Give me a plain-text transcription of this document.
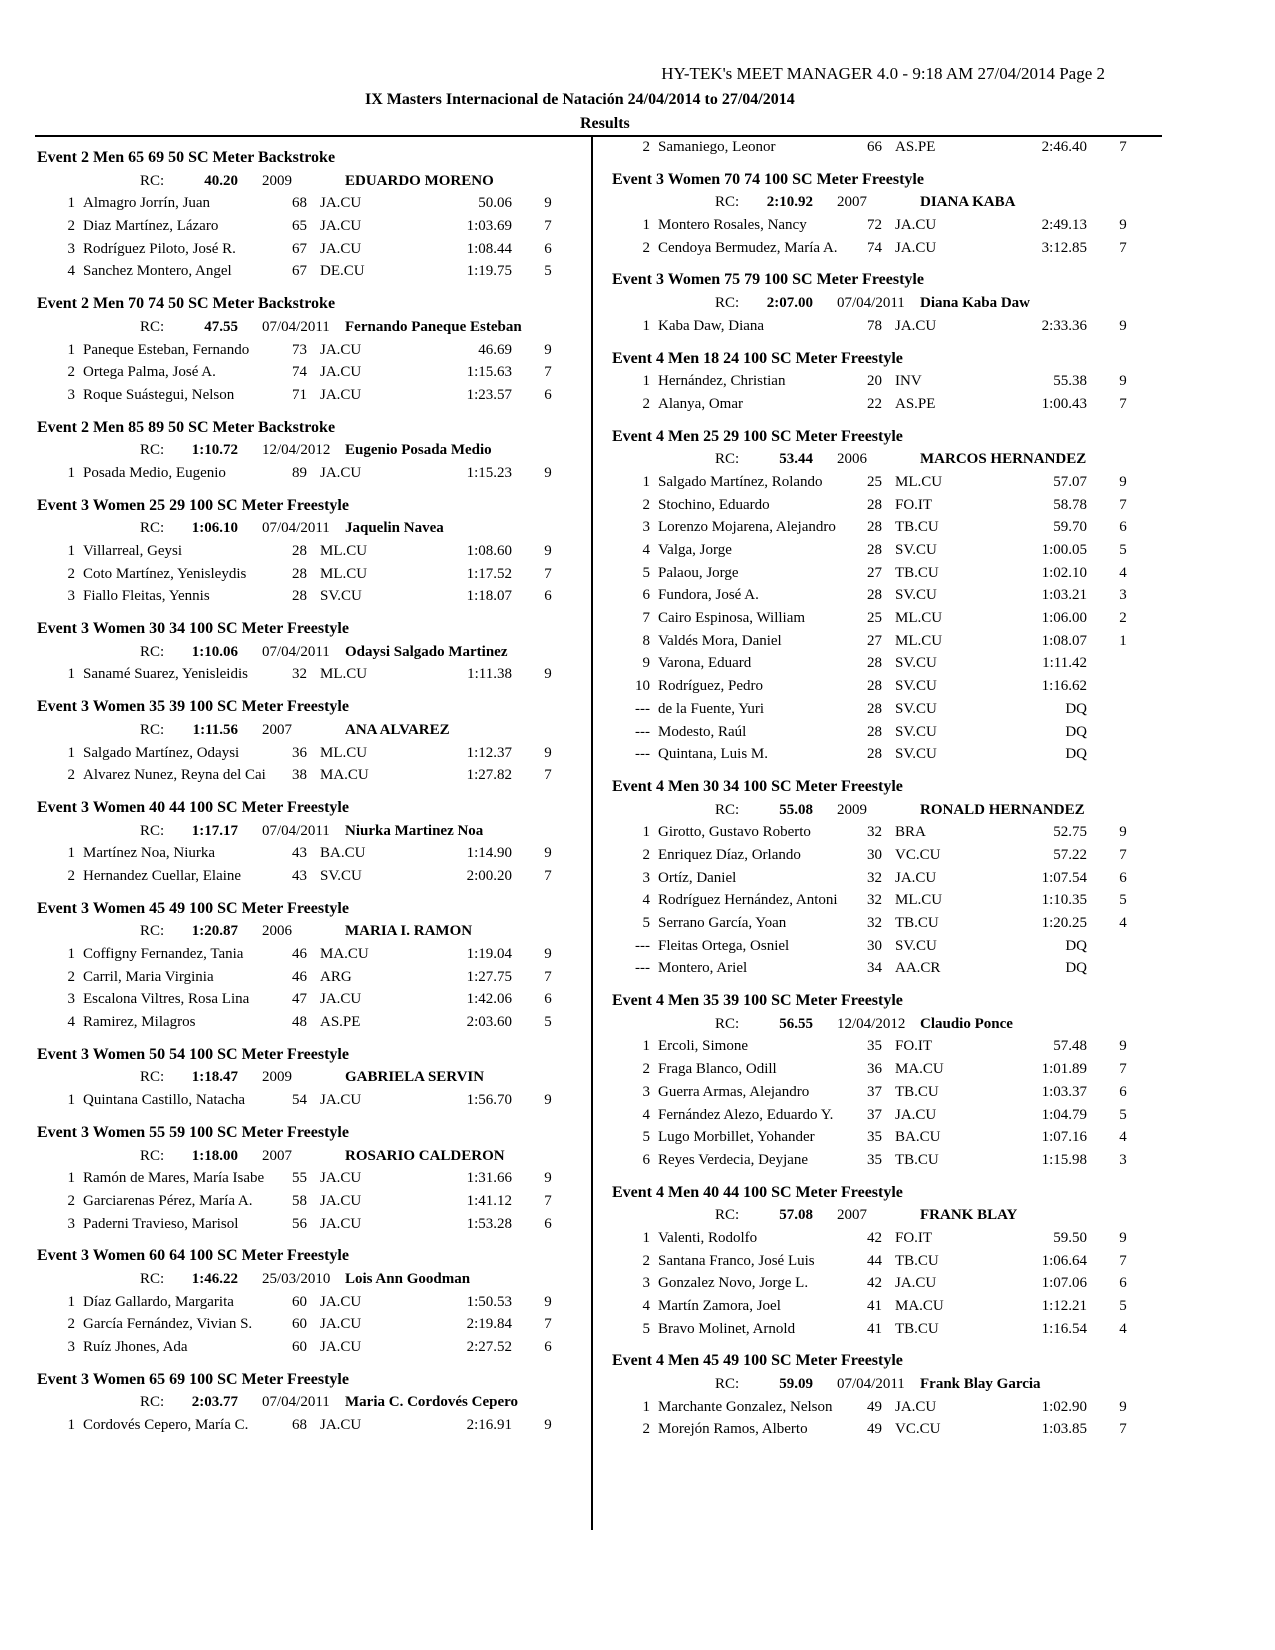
HY-TEK's MEET MANAGER 4.0 - 9:18 AM 27/04/2014 Page 2
IX Masters Internacional de Natación 24/04/2014 to 27/04/2014
Results
Event 2 Men 65 69 50 SC Meter Backstroke
RC:	40.20 2009	EDUARDO MORENO
1 Almagro Jorrín, Juan	68 JA.CU	50.06 9
2 Diaz Martínez, Lázaro	65 JA.CU	1:03.69 7
3 Rodríguez Piloto, José R.	67 JA.CU	1:08.44 6
4 Sanchez Montero, Angel	67 DE.CU	1:19.75 5
Event 2 Men 70 74 50 SC Meter Backstroke
RC:	47.55 07/04/2011	Fernando Paneque Esteban
1 Paneque Esteban, Fernando	73 JA.CU	46.69 9
2 Ortega Palma, José A.	74 JA.CU	1:15.63 7
3 Roque Suástegui, Nelson	71 JA.CU	1:23.57 6
Event 2 Men 85 89 50 SC Meter Backstroke
RC:	1:10.72 12/04/2012 Eugenio Posada Medio
1 Posada Medio, Eugenio	89 JA.CU	1:15.23 9
Event 3 Women 25 29 100 SC Meter Freestyle
RC:	1:06.10 07/04/2011	Jaquelin Navea
1 Villarreal, Geysi	28 ML.CU	1:08.60 9
2 Coto Martínez, Yenisleydis	28 ML.CU	1:17.52 7
3 Fiallo Fleitas, Yennis	28 SV.CU	1:18.07 6
Event 3 Women 30 34 100 SC Meter Freestyle
RC:	1:10.06 07/04/2011	Odaysi Salgado Martinez
1 Sanamé Suarez, Yenisleidis	32 ML.CU	1:11.38 9
Event 3 Women 35 39 100 SC Meter Freestyle
RC:	1:11.56 2007	ANA ALVAREZ
1 Salgado Martínez, Odaysi	36 ML.CU	1:12.37 9
2 Alvarez Nunez, Reyna del Cai	38 MA.CU	1:27.82 7
Event 3 Women 40 44 100 SC Meter Freestyle
RC:	1:17.17 07/04/2011	Niurka Martinez Noa
1 Martínez Noa, Niurka	43 BA.CU	1:14.90 9
2 Hernandez Cuellar, Elaine	43 SV.CU	2:00.20 7
Event 3 Women 45 49 100 SC Meter Freestyle
RC:	1:20.87 2006	MARIA I. RAMON
1 Coffigny Fernandez, Tania	46 MA.CU	1:19.04 9
2 Carril, Maria Virginia	46 ARG	1:27.75 7
3 Escalona Viltres, Rosa Lina	47 JA.CU	1:42.06 6
4 Ramirez, Milagros	48 AS.PE	2:03.60 5
Event 3 Women 50 54 100 SC Meter Freestyle
RC:	1:18.47 2009	GABRIELA SERVIN
1 Quintana Castillo, Natacha	54 JA.CU	1:56.70 9
Event 3 Women 55 59 100 SC Meter Freestyle
RC:	1:18.00 2007	ROSARIO CALDERON
1 Ramón de Mares, María Isabe	55 JA.CU	1:31.66 9
2 Garciarenas Pérez, María A.	58 JA.CU	1:41.12 7
3 Paderni Travieso, Marisol	56 JA.CU	1:53.28 6
Event 3 Women 60 64 100 SC Meter Freestyle
RC:	1:46.22 25/03/2010 Lois Ann Goodman
1 Díaz Gallardo, Margarita	60 JA.CU	1:50.53 9
2 García Fernández, Vivian S.	60 JA.CU	2:19.84 7
3 Ruíz Jhones, Ada	60 JA.CU	2:27.52 6
Event 3 Women 65 69 100 SC Meter Freestyle
RC:	2:03.77 07/04/2011	Maria C. Cordovés Cepero
1 Cordovés Cepero, María C.	68 JA.CU	2:16.91 9
2 Samaniego, Leonor	66 AS.PE	2:46.40 7
Event 3 Women 70 74 100 SC Meter Freestyle
RC:	2:10.92 2007	DIANA KABA
1 Montero Rosales, Nancy	72 JA.CU	2:49.13 9
2 Cendoya Bermudez, María A.	74 JA.CU	3:12.85 7
Event 3 Women 75 79 100 SC Meter Freestyle
RC:	2:07.00 07/04/2011	Diana Kaba Daw
1 Kaba Daw, Diana	78 JA.CU	2:33.36 9
Event 4 Men 18 24 100 SC Meter Freestyle
1 Hernández, Christian	20 INV	55.38 9
2 Alanya, Omar	22 AS.PE	1:00.43 7
Event 4 Men 25 29 100 SC Meter Freestyle
RC:	53.44 2006	MARCOS HERNANDEZ
1 Salgado Martínez, Rolando	25 ML.CU	57.07 9
2 Stochino, Eduardo	28 FO.IT	58.78 7
3 Lorenzo Mojarena, Alejandro	28 TB.CU	59.70 6
4 Valga, Jorge	28 SV.CU	1:00.05 5
5 Palaou, Jorge	27 TB.CU	1:02.10 4
6 Fundora, José A.	28 SV.CU	1:03.21 3
7 Cairo Espinosa, William	25 ML.CU	1:06.00 2
8 Valdés Mora, Daniel	27 ML.CU	1:08.07 1
9 Varona, Eduard	28 SV.CU	1:11.42
10 Rodríguez, Pedro	28 SV.CU	1:16.62
--- de la Fuente, Yuri	28 SV.CU	DQ
--- Modesto, Raúl	28 SV.CU	DQ
--- Quintana, Luis M.	28 SV.CU	DQ
Event 4 Men 30 34 100 SC Meter Freestyle
RC:	55.08 2009	RONALD HERNANDEZ
1 Girotto, Gustavo Roberto	32 BRA	52.75 9
2 Enriquez Díaz, Orlando	30 VC.CU	57.22 7
3 Ortíz, Daniel	32 JA.CU	1:07.54 6
4 Rodríguez Hernández, Antoni	32 ML.CU	1:10.35 5
5 Serrano García, Yoan	32 TB.CU	1:20.25 4
--- Fleitas Ortega, Osniel	30 SV.CU	DQ
--- Montero, Ariel	34 AA.CR	DQ
Event 4 Men 35 39 100 SC Meter Freestyle
RC:	56.55 12/04/2012 Claudio Ponce
1 Ercoli, Simone	35 FO.IT	57.48 9
2 Fraga Blanco, Odill	36 MA.CU	1:01.89 7
3 Guerra Armas, Alejandro	37 TB.CU	1:03.37 6
4 Fernández Alezo, Eduardo Y.	37 JA.CU	1:04.79 5
5 Lugo Morbillet, Yohander	35 BA.CU	1:07.16 4
6 Reyes Verdecia, Deyjane	35 TB.CU	1:15.98 3
Event 4 Men 40 44 100 SC Meter Freestyle
RC:	57.08 2007	FRANK BLAY
1 Valenti, Rodolfo	42 FO.IT	59.50 9
2 Santana Franco, José Luis	44 TB.CU	1:06.64 7
3 Gonzalez Novo, Jorge L.	42 JA.CU	1:07.06 6
4 Martín Zamora, Joel	41 MA.CU	1:12.21 5
5 Bravo Molinet, Arnold	41 TB.CU	1:16.54 4
Event 4 Men 45 49 100 SC Meter Freestyle
RC:	59.09 07/04/2011	Frank Blay Garcia
1 Marchante Gonzalez, Nelson	49 JA.CU	1:02.90 9
2 Morejón Ramos, Alberto	49 VC.CU	1:03.85 7
